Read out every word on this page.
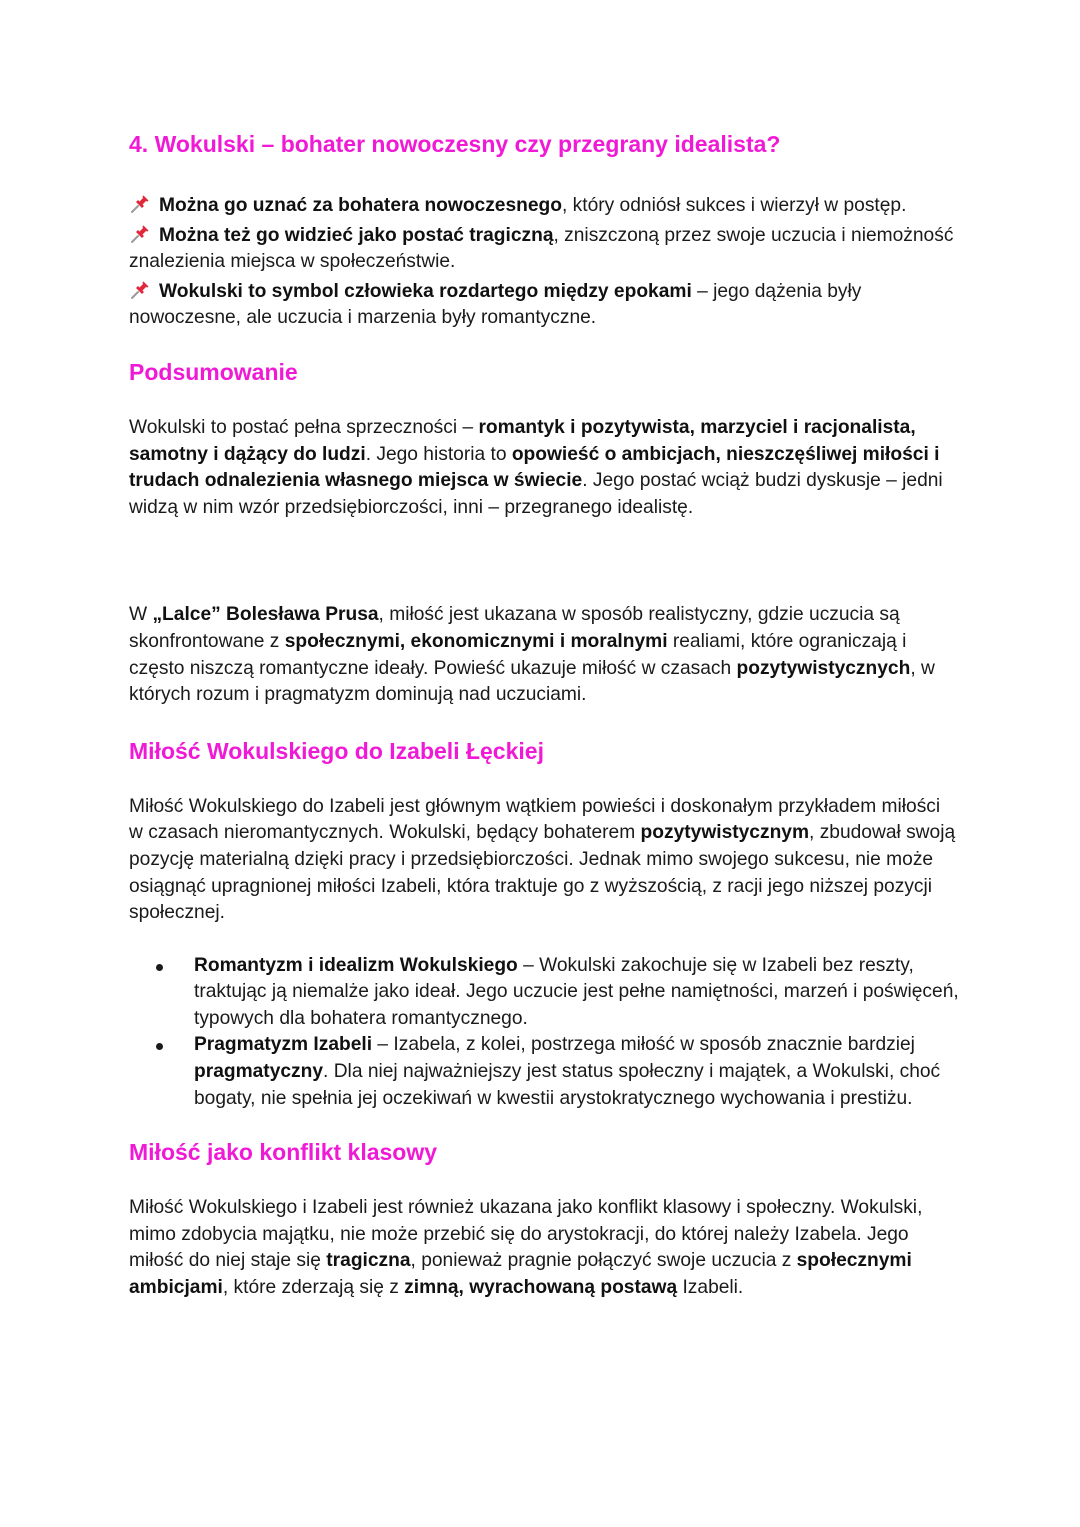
4. Wokulski – bohater nowoczesny czy przegrany idealista?

Można go uznać za bohatera nowoczesnego, który odniósł sukces i wierzył w postęp.

Można też go widzieć jako postać tragiczną, zniszczoną przez swoje uczucia i niemożność znalezienia miejsca w społeczeństwie.

Wokulski to symbol człowieka rozdartego między epokami – jego dążenia były nowoczesne, ale uczucia i marzenia były romantyczne.

Podsumowanie

Wokulski to postać pełna sprzeczności – romantyk i pozytywista, marzyciel i racjonalista, samotny i dążący do ludzi. Jego historia to opowieść o ambicjach, nieszczęśliwej miłości i trudach odnalezienia własnego miejsca w świecie. Jego postać wciąż budzi dyskusje – jedni widzą w nim wzór przedsiębiorczości, inni – przegranego idealistę.

W „Lalce” Bolesława Prusa, miłość jest ukazana w sposób realistyczny, gdzie uczucia są skonfrontowane z społecznymi, ekonomicznymi i moralnymi realiami, które ograniczają i często niszczą romantyczne ideały. Powieść ukazuje miłość w czasach pozytywistycznych, w których rozum i pragmatyzm dominują nad uczuciami.

Miłość Wokulskiego do Izabeli Łęckiej

Miłość Wokulskiego do Izabeli jest głównym wątkiem powieści i doskonałym przykładem miłości w czasach nieromantycznych. Wokulski, będący bohaterem pozytywistycznym, zbudował swoją pozycję materialną dzięki pracy i przedsiębiorczości. Jednak mimo swojego sukcesu, nie może osiągnąć upragnionej miłości Izabeli, która traktuje go z wyższością, z racji jego niższej pozycji społecznej.

Romantyzm i idealizm Wokulskiego – Wokulski zakochuje się w Izabeli bez reszty, traktując ją niemalże jako ideał. Jego uczucie jest pełne namiętności, marzeń i poświęceń, typowych dla bohatera romantycznego.
Pragmatyzm Izabeli – Izabela, z kolei, postrzega miłość w sposób znacznie bardziej pragmatyczny. Dla niej najważniejszy jest status społeczny i majątek, a Wokulski, choć bogaty, nie spełnia jej oczekiwań w kwestii arystokratycznego wychowania i prestiżu.
Miłość jako konflikt klasowy

Miłość Wokulskiego i Izabeli jest również ukazana jako konflikt klasowy i społeczny. Wokulski, mimo zdobycia majątku, nie może przebić się do arystokracji, do której należy Izabela. Jego miłość do niej staje się tragiczna, ponieważ pragnie połączyć swoje uczucia z społecznymi ambicjami, które zderzają się z zimną, wyrachowaną postawą Izabeli.
